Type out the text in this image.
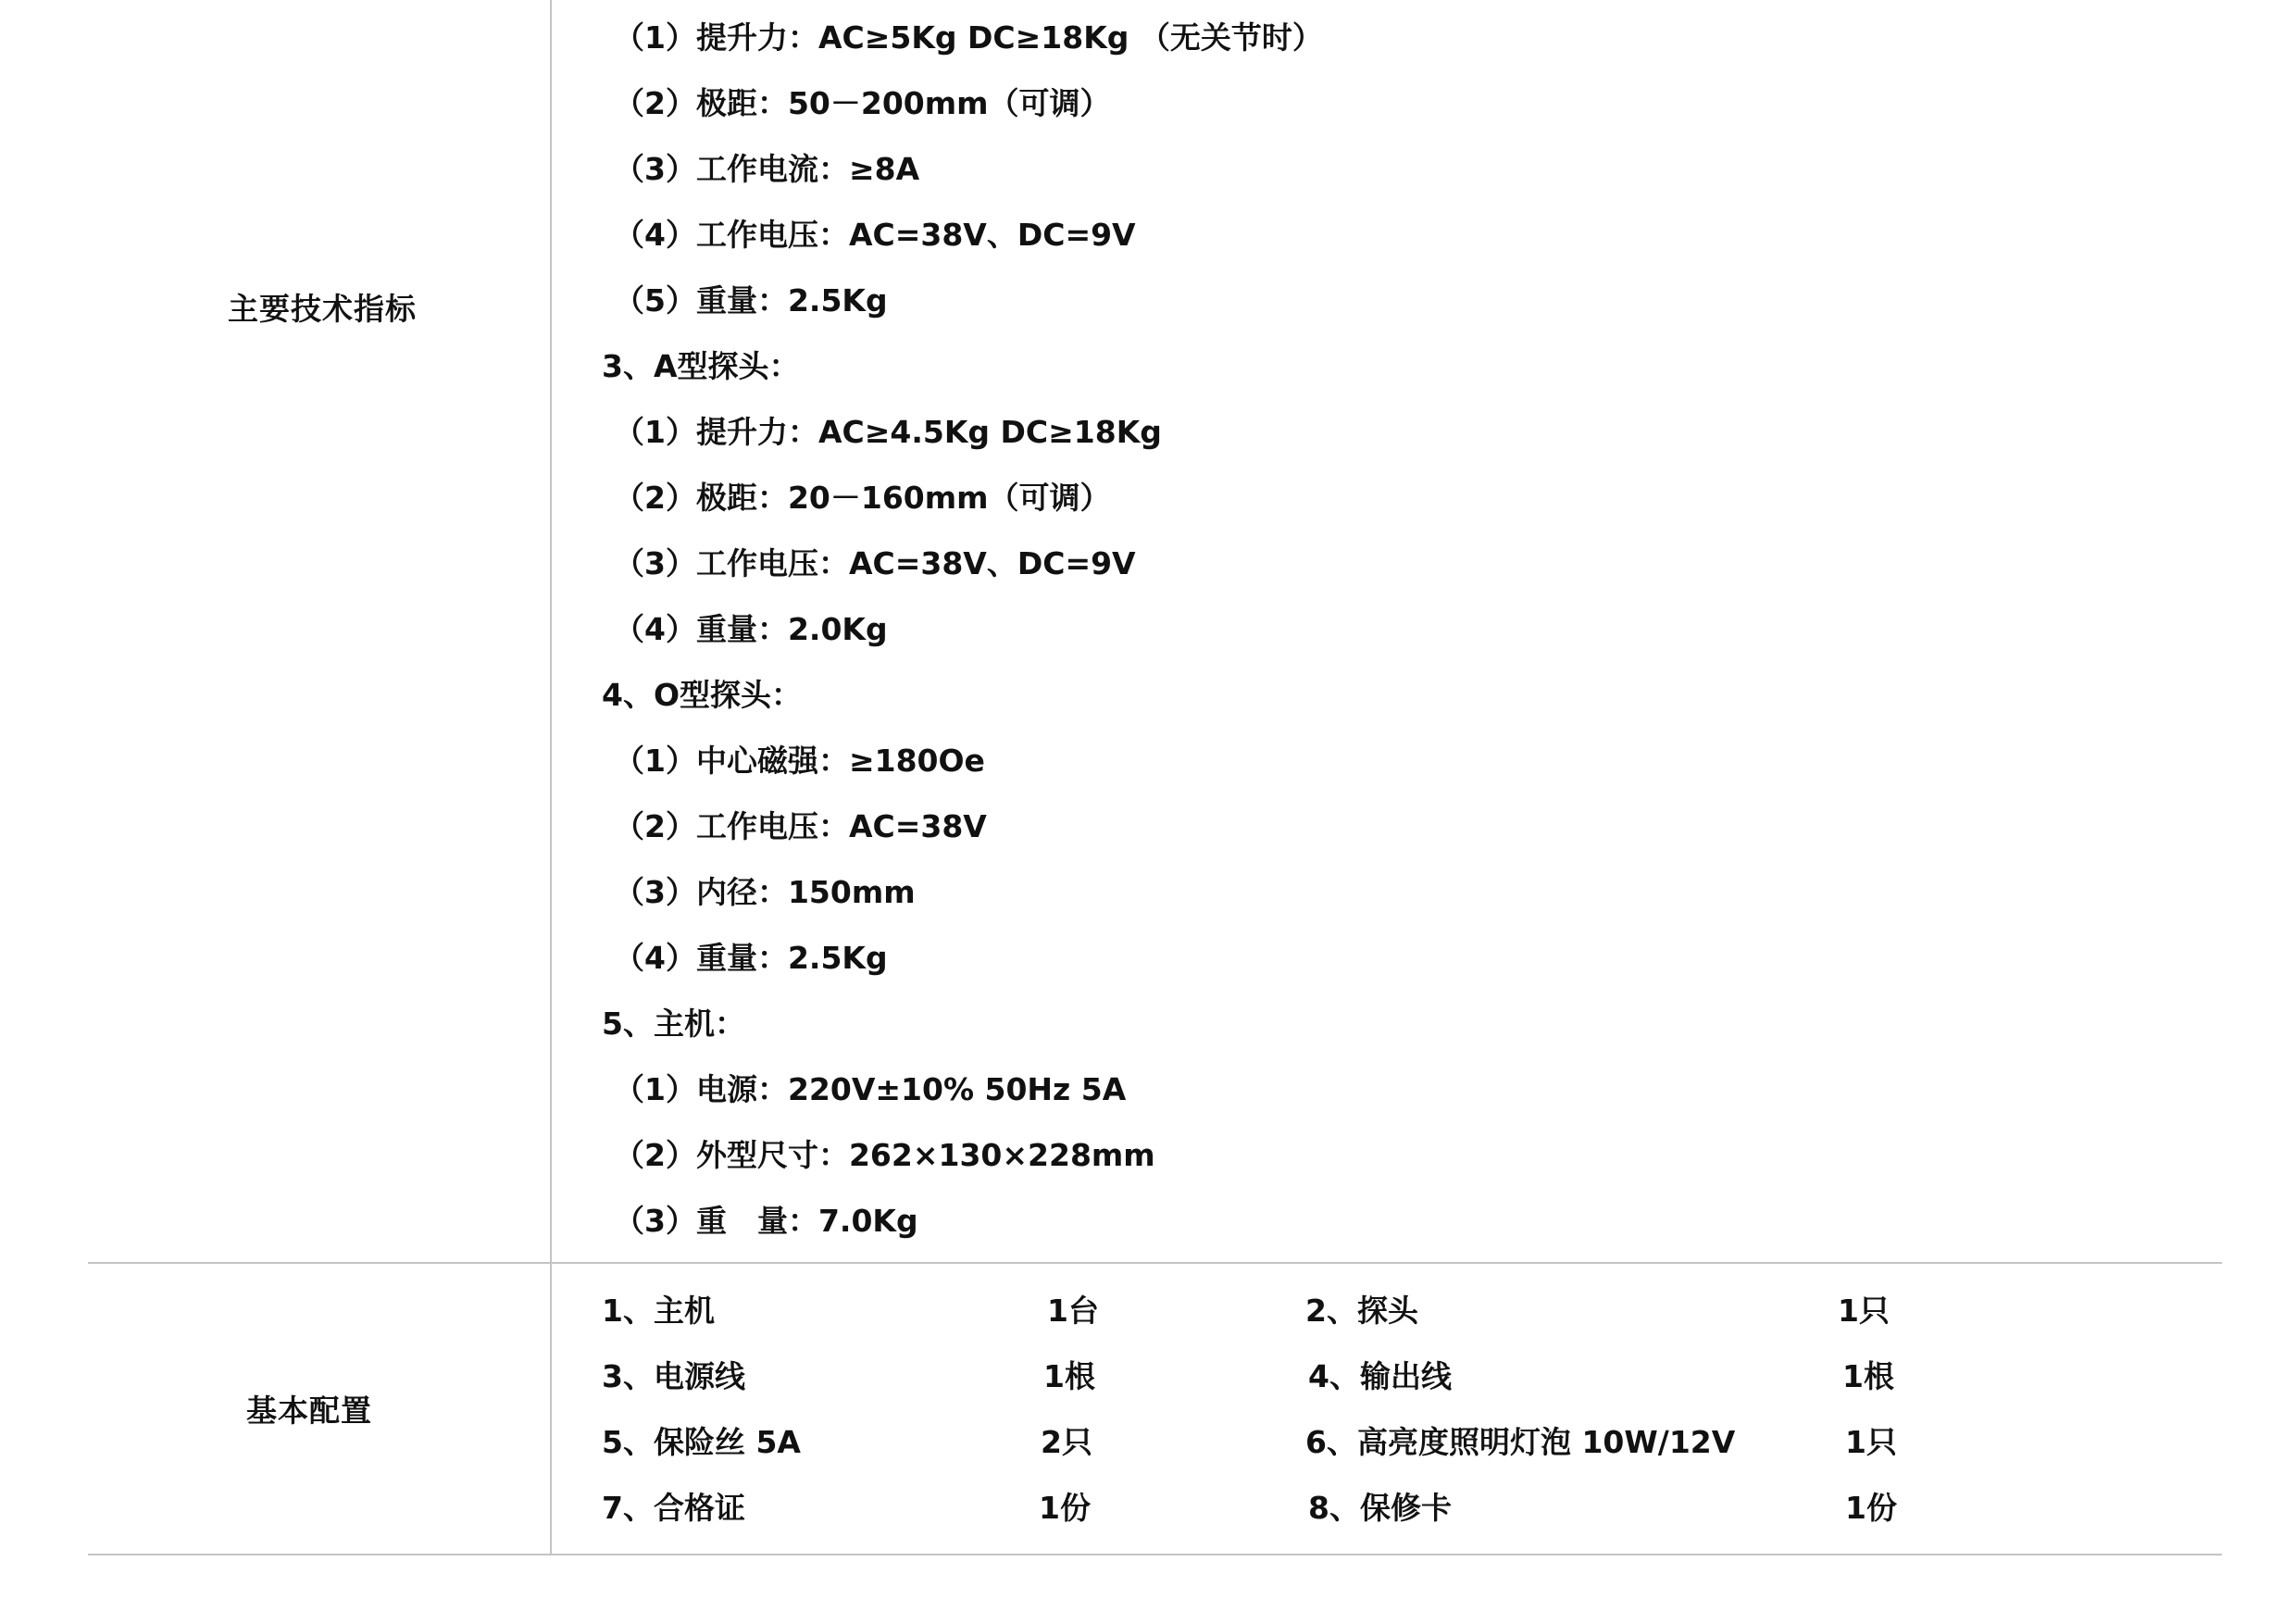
主要技术指标
（1）提升力：AC≥5Kg DC≥18Kg （无关节时）
（2）极距：50－200mm（可调）
（3）工作电流：≥8A
（4）工作电压：AC=38V、DC=9V
（5）重量：2.5Kg
3、A型探头：
（1）提升力：AC≥4.5Kg DC≥18Kg
（2）极距：20－160mm（可调）
（3）工作电压：AC=38V、DC=9V
（4）重量：2.0Kg
4、O型探头：
（1）中心磁强：≥180Oe
（2）工作电压：AC=38V
（3）内径：150mm
（4）重量：2.5Kg
5、主机：
（1）电源：220V±10% 50Hz 5A
（2）外型尺寸：262×130×228mm
（3）重　量：7.0Kg
基本配置
1、主机	1台	2、探头	1只
3、电源线	1根	4、输出线	1根
5、保险丝 5A	2只	6、高亮度照明灯泡 10W/12V	1只
7、合格证	1份	8、保修卡	1份
